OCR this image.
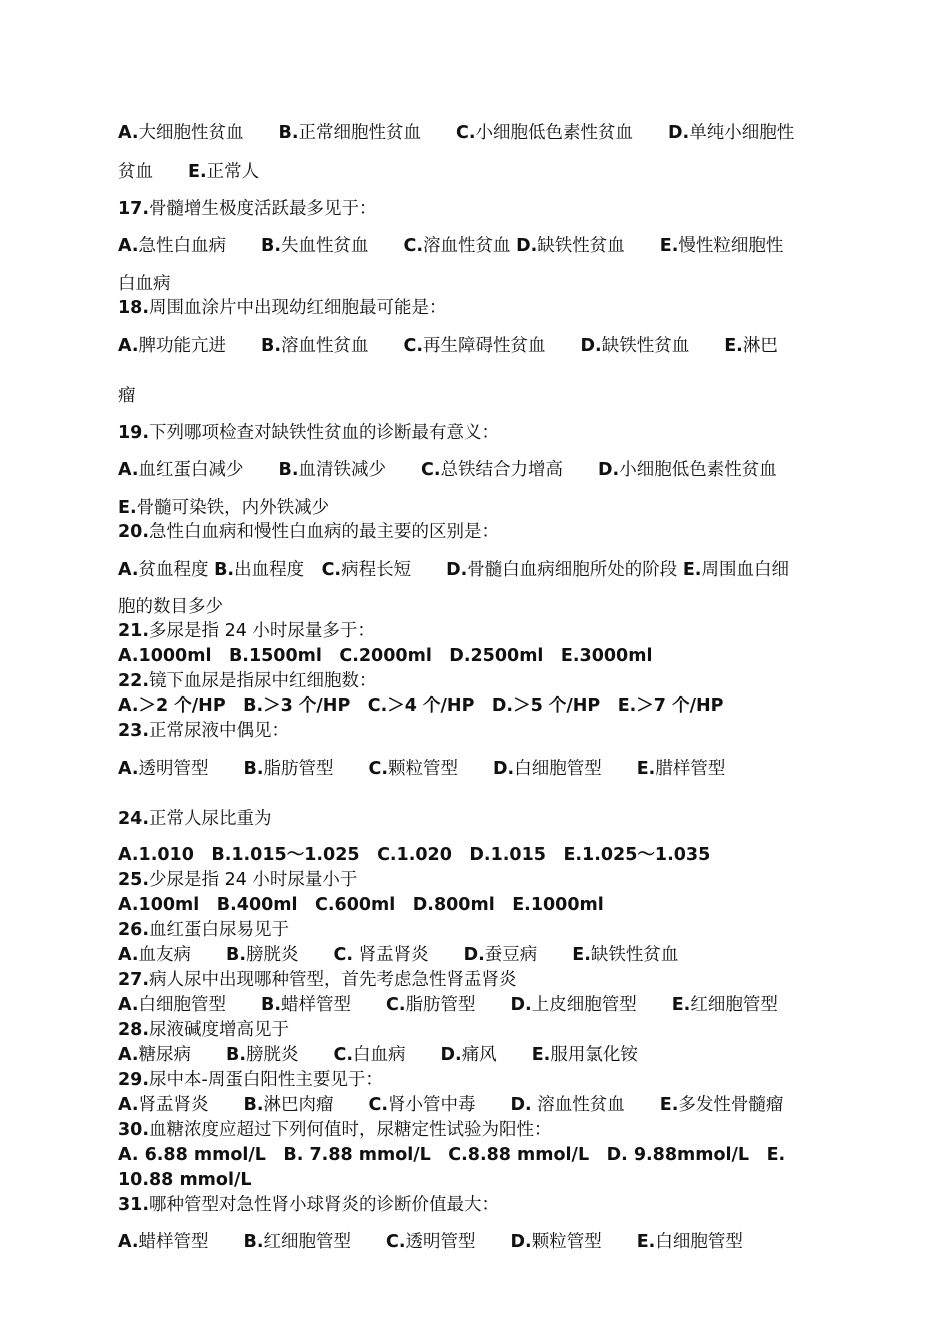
A.大细胞性贫血　　B.正常细胞性贫血　　C.小细胞低色素性贫血　　D.单纯小细胞性
贫血　　E.正常人
17.骨髓增生极度活跃最多见于：
A.急性白血病　　B.失血性贫血　　C.溶血性贫血 D.缺铁性贫血　　E.慢性粒细胞性
白血病
18.周围血涂片中出现幼红细胞最可能是：
A.脾功能亢进　　B.溶血性贫血　　C.再生障碍性贫血　　D.缺铁性贫血　　E.淋巴
瘤
19.下列哪项检查对缺铁性贫血的诊断最有意义：
A.血红蛋白减少　　B.血清铁减少　　C.总铁结合力增高　　D.小细胞低色素性贫血
E.骨髓可染铁，内外铁减少
20.急性白血病和慢性白血病的最主要的区别是：
A.贫血程度 B.出血程度　C.病程长短　　D.骨髓白血病细胞所处的阶段 E.周围血白细
胞的数目多少
21.多尿是指 24 小时尿量多于：
A.1000ml　B.1500ml　C.2000ml　D.2500ml　E.3000ml
22.镜下血尿是指尿中红细胞数：
A.＞2 个/HP　B.＞3 个/HP　C.＞4 个/HP　D.＞5 个/HP　E.＞7 个/HP
23.正常尿液中偶见：
A.透明管型　　B.脂肪管型　　C.颗粒管型　　D.白细胞管型　　E.腊样管型
24.正常人尿比重为
A.1.010　B.1.015～1.025　C.1.020　D.1.015　E.1.025～1.035
25.少尿是指 24 小时尿量小于
A.100ml　B.400ml　C.600ml　D.800ml　E.1000ml
26.血红蛋白尿易见于
A.血友病　　B.膀胱炎　　C. 肾盂肾炎　　D.蚕豆病　　E.缺铁性贫血
27.病人尿中出现哪种管型，首先考虑急性肾盂肾炎
A.白细胞管型　　B.蜡样管型　　C.脂肪管型　　D.上皮细胞管型　　E.红细胞管型
28.尿液碱度增高见于
A.糖尿病　　B.膀胱炎　　C.白血病　　D.痛风　　E.服用氯化铵
29.尿中本-周蛋白阳性主要见于：
A.肾盂肾炎　　B.淋巴肉瘤　　C.肾小管中毒　　D. 溶血性贫血　　E.多发性骨髓瘤
30.血糖浓度应超过下列何值时，尿糖定性试验为阳性：
A. 6.88 mmol/L　B. 7.88 mmol/L　C.8.88 mmol/L　D. 9.88mmol/L　E.
10.88 mmol/L
31.哪种管型对急性肾小球肾炎的诊断价值最大：
A.蜡样管型　　B.红细胞管型　　C.透明管型　　D.颗粒管型　　E.白细胞管型
